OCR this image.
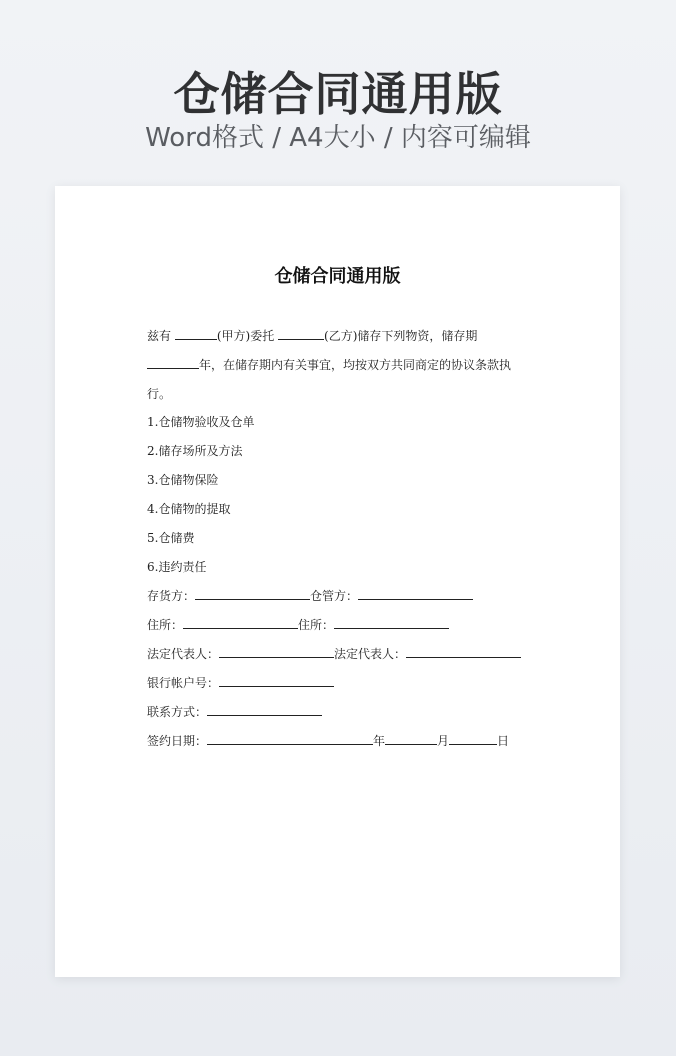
仓储合同通用版
Word格式 / A4大小 / 内容可编辑
仓储合同通用版
兹有	(甲方)委托	(乙方)储存下列物资，储存期 年，在储存期内有关事宜，均按双方共同商定的协议条款执行。
1.仓储物验收及仓单
2.储存场所及方法
3.仓储物保险
4.仓储物的提取
5.仓储费
6.违约责任
存货方：	仓管方：
住所：	住所：
法定代表人：	法定代表人：
银行帐户号：
联系方式：
签约日期：	年	月	日
